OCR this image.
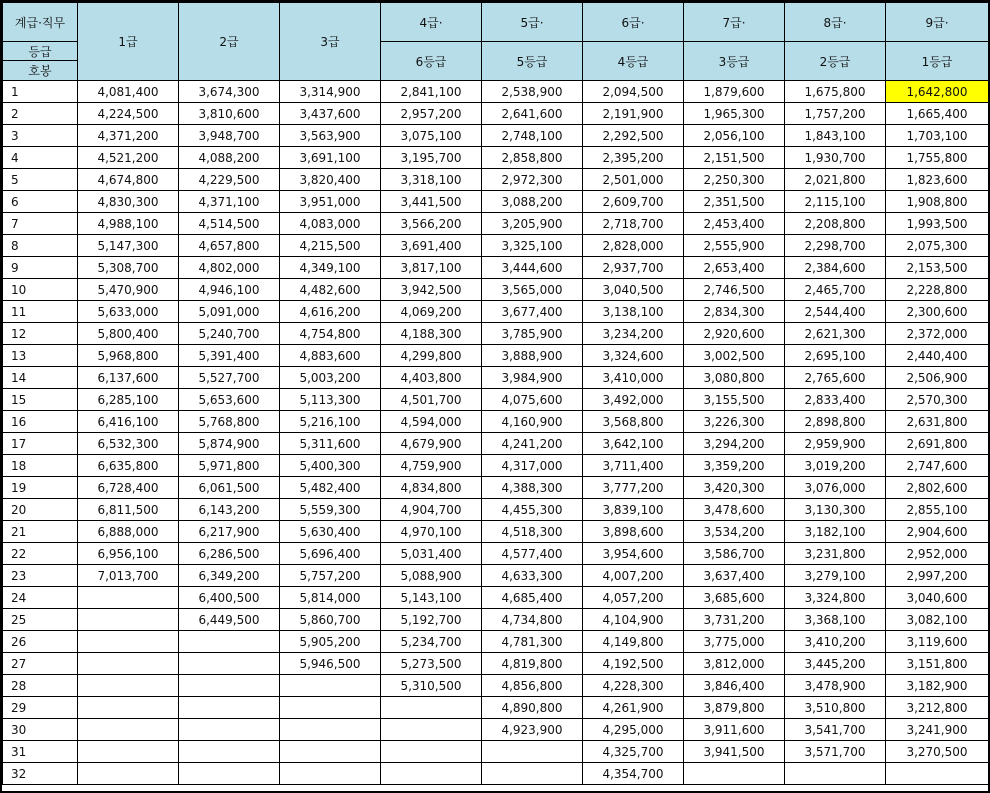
계급·직무
등급
호봉	1급	2급	3급	4급·	5급·	6급·	7급·	8급·	9급·
				6등급	5등급	4등급	3등급	2등급	1등급
1	4,081,400	3,674,300	3,314,900	2,841,100	2,538,900	2,094,500	1,879,600	1,675,800	1,642,800
2	4,224,500	3,810,600	3,437,600	2,957,200	2,641,600	2,191,900	1,965,300	1,757,200	1,665,400
3	4,371,200	3,948,700	3,563,900	3,075,100	2,748,100	2,292,500	2,056,100	1,843,100	1,703,100
4	4,521,200	4,088,200	3,691,100	3,195,700	2,858,800	2,395,200	2,151,500	1,930,700	1,755,800
5	4,674,800	4,229,500	3,820,400	3,318,100	2,972,300	2,501,000	2,250,300	2,021,800	1,823,600
6	4,830,300	4,371,100	3,951,000	3,441,500	3,088,200	2,609,700	2,351,500	2,115,100	1,908,800
7	4,988,100	4,514,500	4,083,000	3,566,200	3,205,900	2,718,700	2,453,400	2,208,800	1,993,500
8	5,147,300	4,657,800	4,215,500	3,691,400	3,325,100	2,828,000	2,555,900	2,298,700	2,075,300
9	5,308,700	4,802,000	4,349,100	3,817,100	3,444,600	2,937,700	2,653,400	2,384,600	2,153,500
10	5,470,900	4,946,100	4,482,600	3,942,500	3,565,000	3,040,500	2,746,500	2,465,700	2,228,800
11	5,633,000	5,091,000	4,616,200	4,069,200	3,677,400	3,138,100	2,834,300	2,544,400	2,300,600
12	5,800,400	5,240,700	4,754,800	4,188,300	3,785,900	3,234,200	2,920,600	2,621,300	2,372,000
13	5,968,800	5,391,400	4,883,600	4,299,800	3,888,900	3,324,600	3,002,500	2,695,100	2,440,400
14	6,137,600	5,527,700	5,003,200	4,403,800	3,984,900	3,410,000	3,080,800	2,765,600	2,506,900
15	6,285,100	5,653,600	5,113,300	4,501,700	4,075,600	3,492,000	3,155,500	2,833,400	2,570,300
16	6,416,100	5,768,800	5,216,100	4,594,000	4,160,900	3,568,800	3,226,300	2,898,800	2,631,800
17	6,532,300	5,874,900	5,311,600	4,679,900	4,241,200	3,642,100	3,294,200	2,959,900	2,691,800
18	6,635,800	5,971,800	5,400,300	4,759,900	4,317,000	3,711,400	3,359,200	3,019,200	2,747,600
19	6,728,400	6,061,500	5,482,400	4,834,800	4,388,300	3,777,200	3,420,300	3,076,000	2,802,600
20	6,811,500	6,143,200	5,559,300	4,904,700	4,455,300	3,839,100	3,478,600	3,130,300	2,855,100
21	6,888,000	6,217,900	5,630,400	4,970,100	4,518,300	3,898,600	3,534,200	3,182,100	2,904,600
22	6,956,100	6,286,500	5,696,400	5,031,400	4,577,400	3,954,600	3,586,700	3,231,800	2,952,000
23	7,013,700	6,349,200	5,757,200	5,088,900	4,633,300	4,007,200	3,637,400	3,279,100	2,997,200
24		6,400,500	5,814,000	5,143,100	4,685,400	4,057,200	3,685,600	3,324,800	3,040,600
25		6,449,500	5,860,700	5,192,700	4,734,800	4,104,900	3,731,200	3,368,100	3,082,100
26			5,905,200	5,234,700	4,781,300	4,149,800	3,775,000	3,410,200	3,119,600
27			5,946,500	5,273,500	4,819,800	4,192,500	3,812,000	3,445,200	3,151,800
28				5,310,500	4,856,800	4,228,300	3,846,400	3,478,900	3,182,900
29					4,890,800	4,261,900	3,879,800	3,510,800	3,212,800
30					4,923,900	4,295,000	3,911,600	3,541,700	3,241,900
31						4,325,700	3,941,500	3,571,700	3,270,500
32						4,354,700			
